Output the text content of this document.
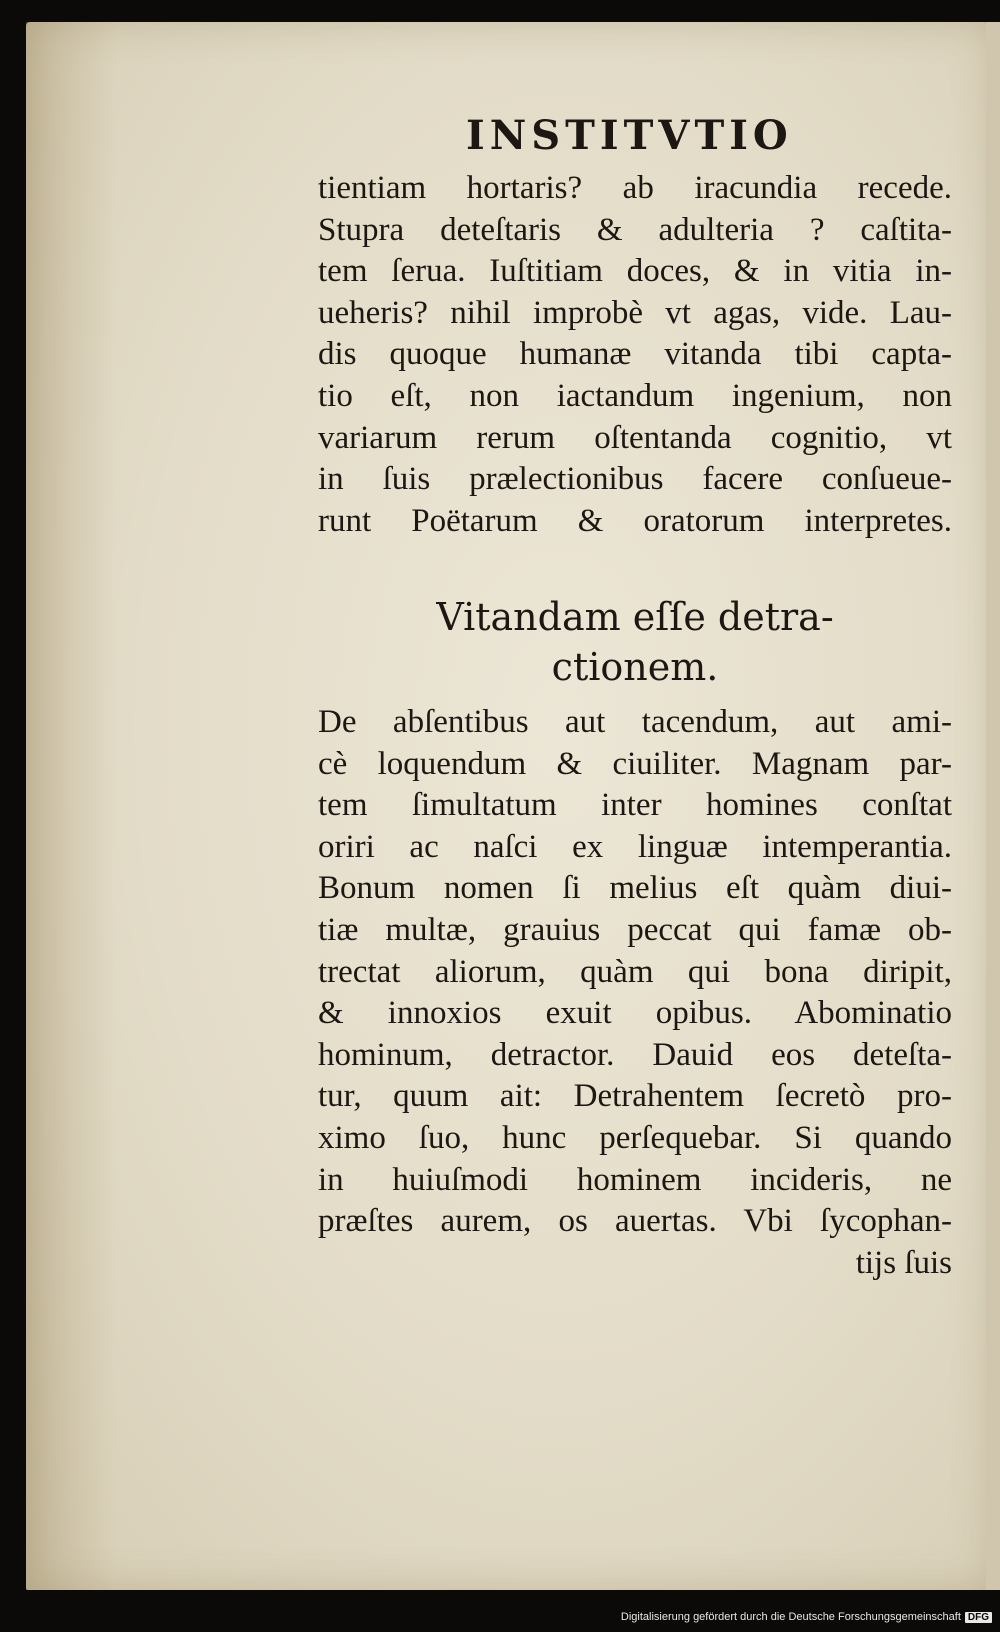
INSTITVTIO
tientiam hortaris? ab iracundia recede.
Stupra deteſtaris & adulteria ? caſtita-
tem ſerua. Iuſtitiam doces, & in vitia in-
ueheris? nihil improbè vt agas, vide. Lau-
dis quoque humanæ vitanda tibi capta-
tio eſt, non iactandum ingenium, non
variarum rerum oſtentanda cognitio, vt
in ſuis prælectionibus facere conſueue-
runt Poëtarum & oratorum interpretes.
Vitandam eſſe detra-
ctionem.
De abſentibus aut tacendum, aut ami-
cè loquendum & ciuiliter. Magnam par-
tem ſimultatum inter homines conſtat
oriri ac naſci ex linguæ intemperantia.
Bonum nomen ſi melius eſt quàm diui-
tiæ multæ, grauius peccat qui famæ ob-
trectat aliorum, quàm qui bona diripit,
& innoxios exuit opibus. Abominatio
hominum, detractor. Dauid eos deteſta-
tur, quum ait: Detrahentem ſecretò pro-
ximo ſuo, hunc perſequebar. Si quando
in huiuſmodi hominem incideris, ne
præſtes aurem, os auertas. Vbi ſycophan-
tijs ſuis
Digitalisierung gefördert durch die Deutsche Forschungsgemeinschaft DFG
